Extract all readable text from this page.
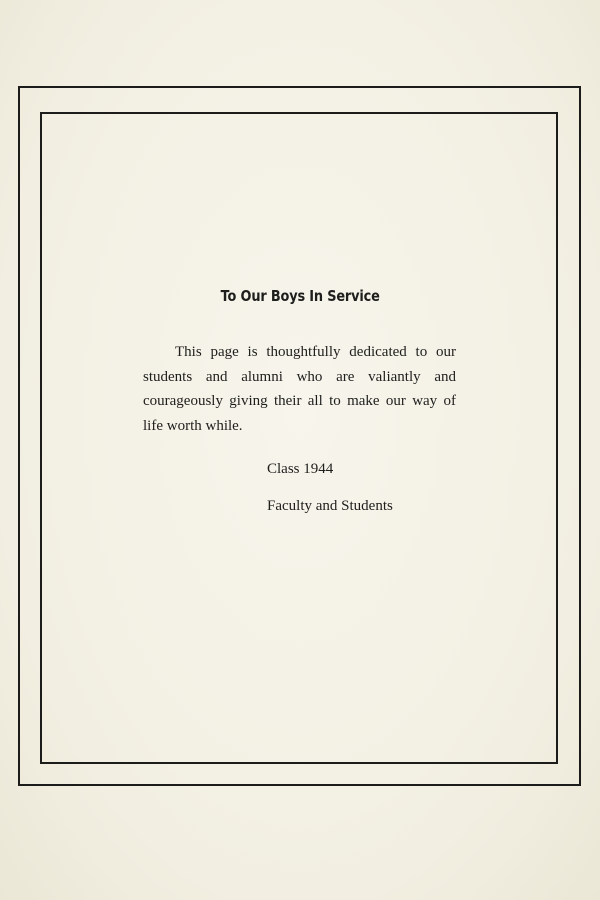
To Our Boys In Service

This page is thoughtfully dedicated to our students and alumni who are valiantly and courageously giving their all to make our way of life worth while.

Class 1944

Faculty and Students
